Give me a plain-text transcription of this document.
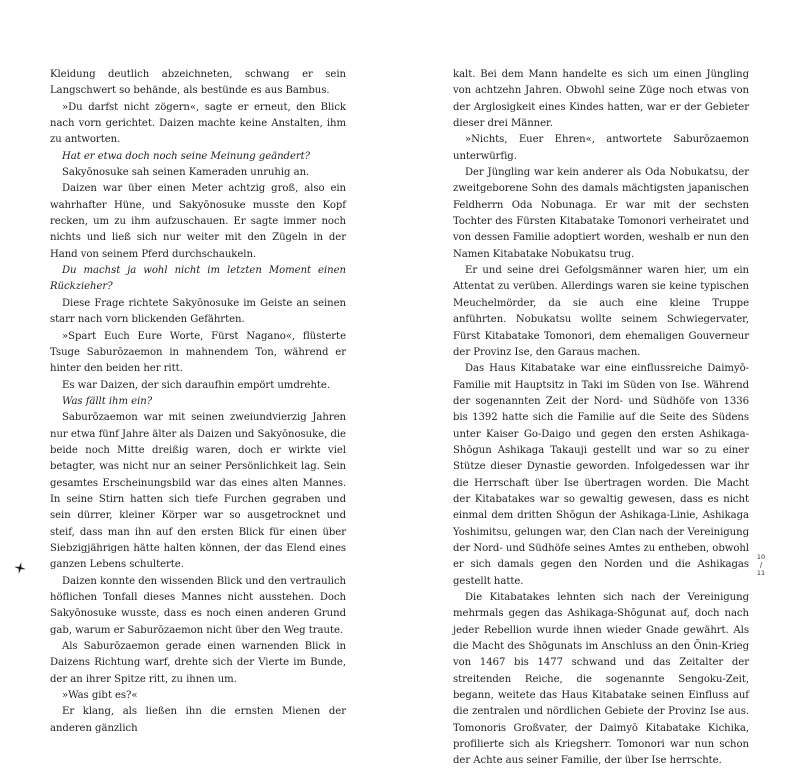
Kleidung deutlich abzeichneten, schwang er sein Langschwert so behände, als bestünde es aus Bambus.

»Du darfst nicht zögern«, sagte er erneut, den Blick nach vorn gerichtet. Daizen machte keine Anstalten, ihm zu antworten.

Hat er etwa doch noch seine Meinung geändert?

Sakyōnosuke sah seinen Kameraden unruhig an.

Daizen war über einen Meter achtzig groß, also ein wahrhafter Hüne, und Sakyōnosuke musste den Kopf recken, um zu ihm aufzuschauen. Er sagte immer noch nichts und ließ sich nur weiter mit den Zügeln in der Hand von seinem Pferd durchschaukeln.

Du machst ja wohl nicht im letzten Moment einen Rückzieher?

Diese Frage richtete Sakyōnosuke im Geiste an seinen starr nach vorn blickenden Gefährten.

»Spart Euch Eure Worte, Fürst Nagano«, flüsterte Tsuge Saburōzaemon in mahnendem Ton, während er hinter den beiden her ritt.

Es war Daizen, der sich daraufhin empört umdrehte.

Was fällt ihm ein?

Saburōzaemon war mit seinen zweiundvierzig Jahren nur etwa fünf Jahre älter als Daizen und Sakyōnosuke, die beide noch Mitte dreißig waren, doch er wirkte viel betagter, was nicht nur an seiner Persönlichkeit lag. Sein gesamtes Erscheinungsbild war das eines alten Mannes. In seine Stirn hatten sich tiefe Furchen gegraben und sein dürrer, kleiner Körper war so ausgetrocknet und steif, dass man ihn auf den ersten Blick für einen über Siebzigjährigen hätte halten können, der das Elend eines ganzen Lebens schulterte.

Daizen konnte den wissenden Blick und den vertraulich höflichen Tonfall dieses Mannes nicht ausstehen. Doch Sakyōnosuke wusste, dass es noch einen anderen Grund gab, warum er Saburōzaemon nicht über den Weg traute.

Als Saburōzaemon gerade einen warnenden Blick in Daizens Richtung warf, drehte sich der Vierte im Bunde, der an ihrer Spitze ritt, zu ihnen um.

»Was gibt es?«

Er klang, als ließen ihn die ernsten Mienen der anderen gänzlich

kalt. Bei dem Mann handelte es sich um einen Jüngling von achtzehn Jahren. Obwohl seine Züge noch etwas von der Arglosigkeit eines Kindes hatten, war er der Gebieter dieser drei Männer.

»Nichts, Euer Ehren«, antwortete Saburōzaemon unterwürfig.

Der Jüngling war kein anderer als Oda Nobukatsu, der zweitgeborene Sohn des damals mächtigsten japanischen Feldherrn Oda Nobunaga. Er war mit der sechsten Tochter des Fürsten Kitabatake Tomonori verheiratet und von dessen Familie adoptiert worden, weshalb er nun den Namen Kitabatake Nobukatsu trug.

Er und seine drei Gefolgsmänner waren hier, um ein Attentat zu verüben. Allerdings waren sie keine typischen Meuchelmörder, da sie auch eine kleine Truppe anführten. Nobukatsu wollte seinem Schwiegervater, Fürst Kitabatake Tomonori, dem ehemaligen Gouverneur der Provinz Ise, den Garaus machen.

Das Haus Kitabatake war eine einflussreiche Daimyō-Familie mit Hauptsitz in Taki im Süden von Ise. Während der sogenannten Zeit der Nord- und Südhöfe von 1336 bis 1392 hatte sich die Familie auf die Seite des Südens unter Kaiser Go-Daigo und gegen den ersten Ashikaga-Shōgun Ashikaga Takauji gestellt und war so zu einer Stütze dieser Dynastie geworden. Infolgedessen war ihr die Herrschaft über Ise übertragen worden. Die Macht der Kitabatakes war so gewaltig gewesen, dass es nicht einmal dem dritten Shōgun der Ashikaga-Linie, Ashikaga Yoshimitsu, gelungen war, den Clan nach der Vereinigung der Nord- und Südhöfe seines Amtes zu entheben, obwohl er sich damals gegen den Norden und die Ashikagas gestellt hatte.

Die Kitabatakes lehnten sich nach der Vereinigung mehrmals gegen das Ashikaga-Shōgunat auf, doch nach jeder Rebellion wurde ihnen wieder Gnade gewährt. Als die Macht des Shōgunats im Anschluss an den Ōnin-Krieg von 1467 bis 1477 schwand und das Zeitalter der streitenden Reiche, die sogenannte Sengoku-Zeit, begann, weitete das Haus Kitabatake seinen Einfluss auf die zentralen und nördlichen Gebiete der Provinz Ise aus. Tomonoris Großvater, der Daimyō Kitabatake Kichika, profilierte sich als Kriegsherr. Tomonori war nun schon der Achte aus seiner Familie, der über Ise herrschte.

10
/
11
